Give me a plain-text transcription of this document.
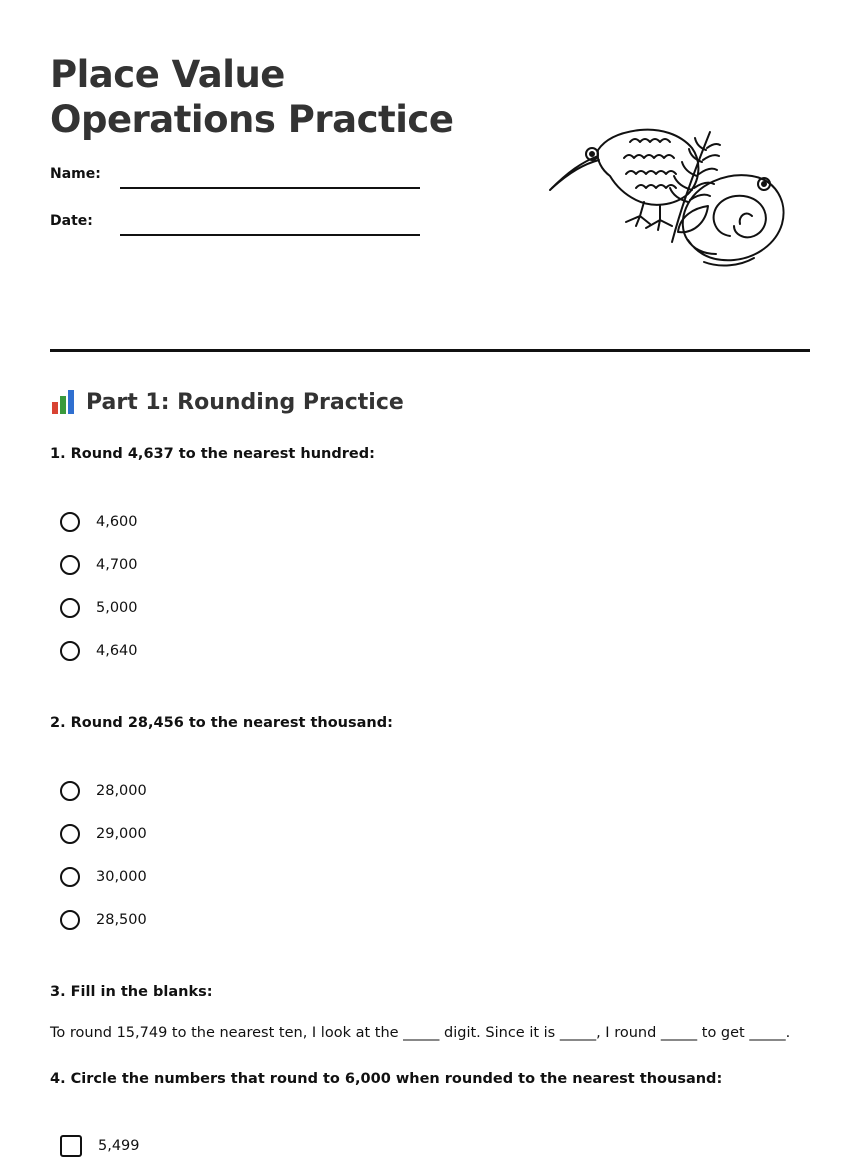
Place Value Operations Practice
Name:
Date:
Part 1: Rounding Practice
1. Round 4,637 to the nearest hundred:
4,600
4,700
5,000
4,640
2. Round 28,456 to the nearest thousand:
28,000
29,000
30,000
28,500
3. Fill in the blanks:
To round 15,749 to the nearest ten, I look at the _____ digit. Since it is _____, I round _____ to get _____.
4. Circle the numbers that round to 6,000 when rounded to the nearest thousand:
5,499
